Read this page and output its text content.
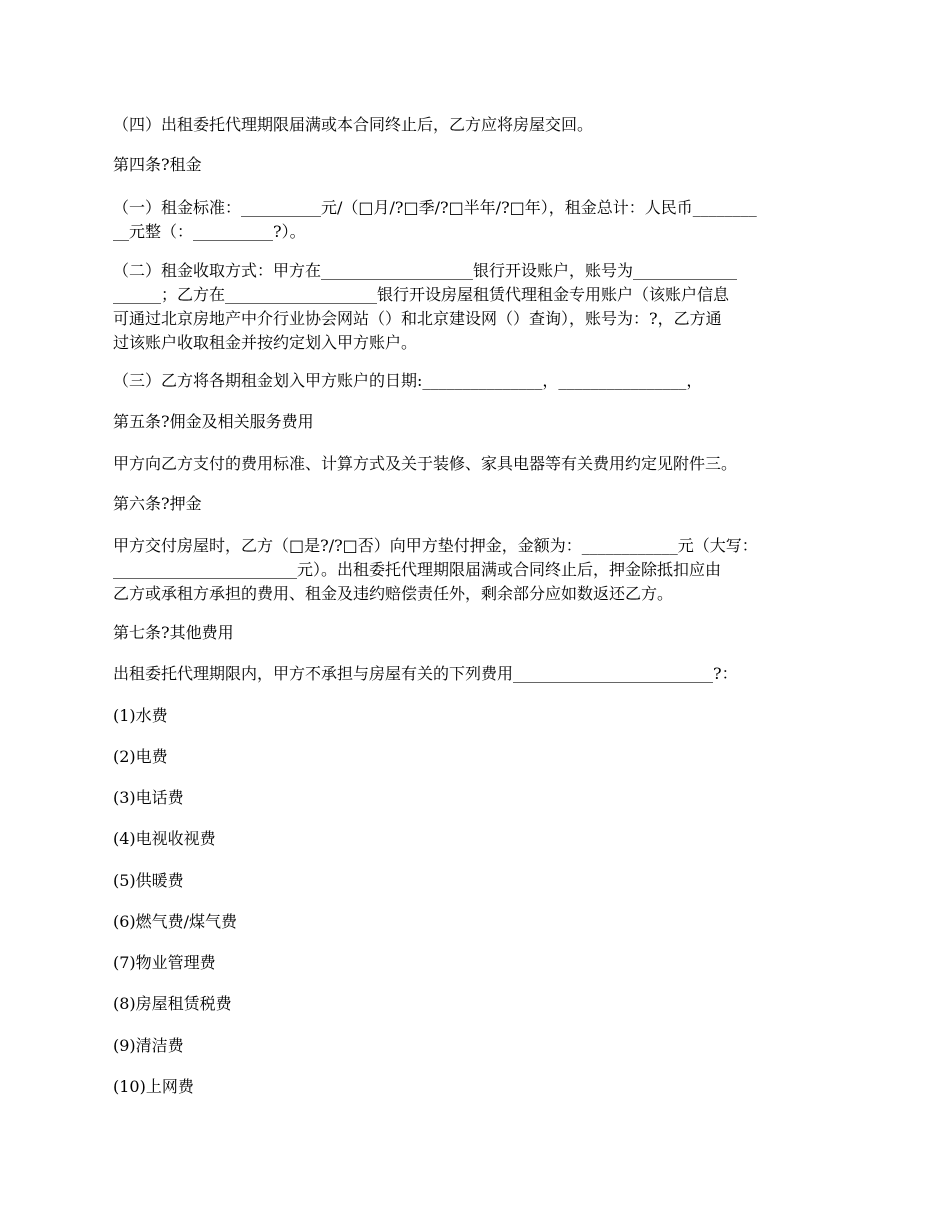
（四）出租委托代理期限届满或本合同终止后，乙方应将房屋交回。

第四条?租金

（一）租金标准：__________元/（□月/?□季/?□半年/?□年），租金总计：人民币________
__元整（：__________?）。

（二）租金收取方式：甲方在___________________银行开设账户，账号为_____________
______；乙方在___________________银行开设房屋租赁代理租金专用账户（该账户信息
可通过北京房地产中介行业协会网站（）和北京建设网（）查询），账号为：?，乙方通
过该账户收取租金并按约定划入甲方账户。

（三）乙方将各期租金划入甲方账户的日期:_______________，________________，

第五条?佣金及相关服务费用

甲方向乙方支付的费用标准、计算方式及关于装修、家具电器等有关费用约定见附件三。

第六条?押金

甲方交付房屋时，乙方（□是?/?□否）向甲方垫付押金，金额为：____________元（大写：
_______________________元）。出租委托代理期限届满或合同终止后，押金除抵扣应由
乙方或承租方承担的费用、租金及违约赔偿责任外，剩余部分应如数返还乙方。

第七条?其他费用

出租委托代理期限内，甲方不承担与房屋有关的下列费用_________________________?：

(1)水费

(2)电费

(3)电话费

(4)电视收视费

(5)供暖费

(6)燃气费/煤气费

(7)物业管理费

(8)房屋租赁税费

(9)清洁费

(10)上网费
